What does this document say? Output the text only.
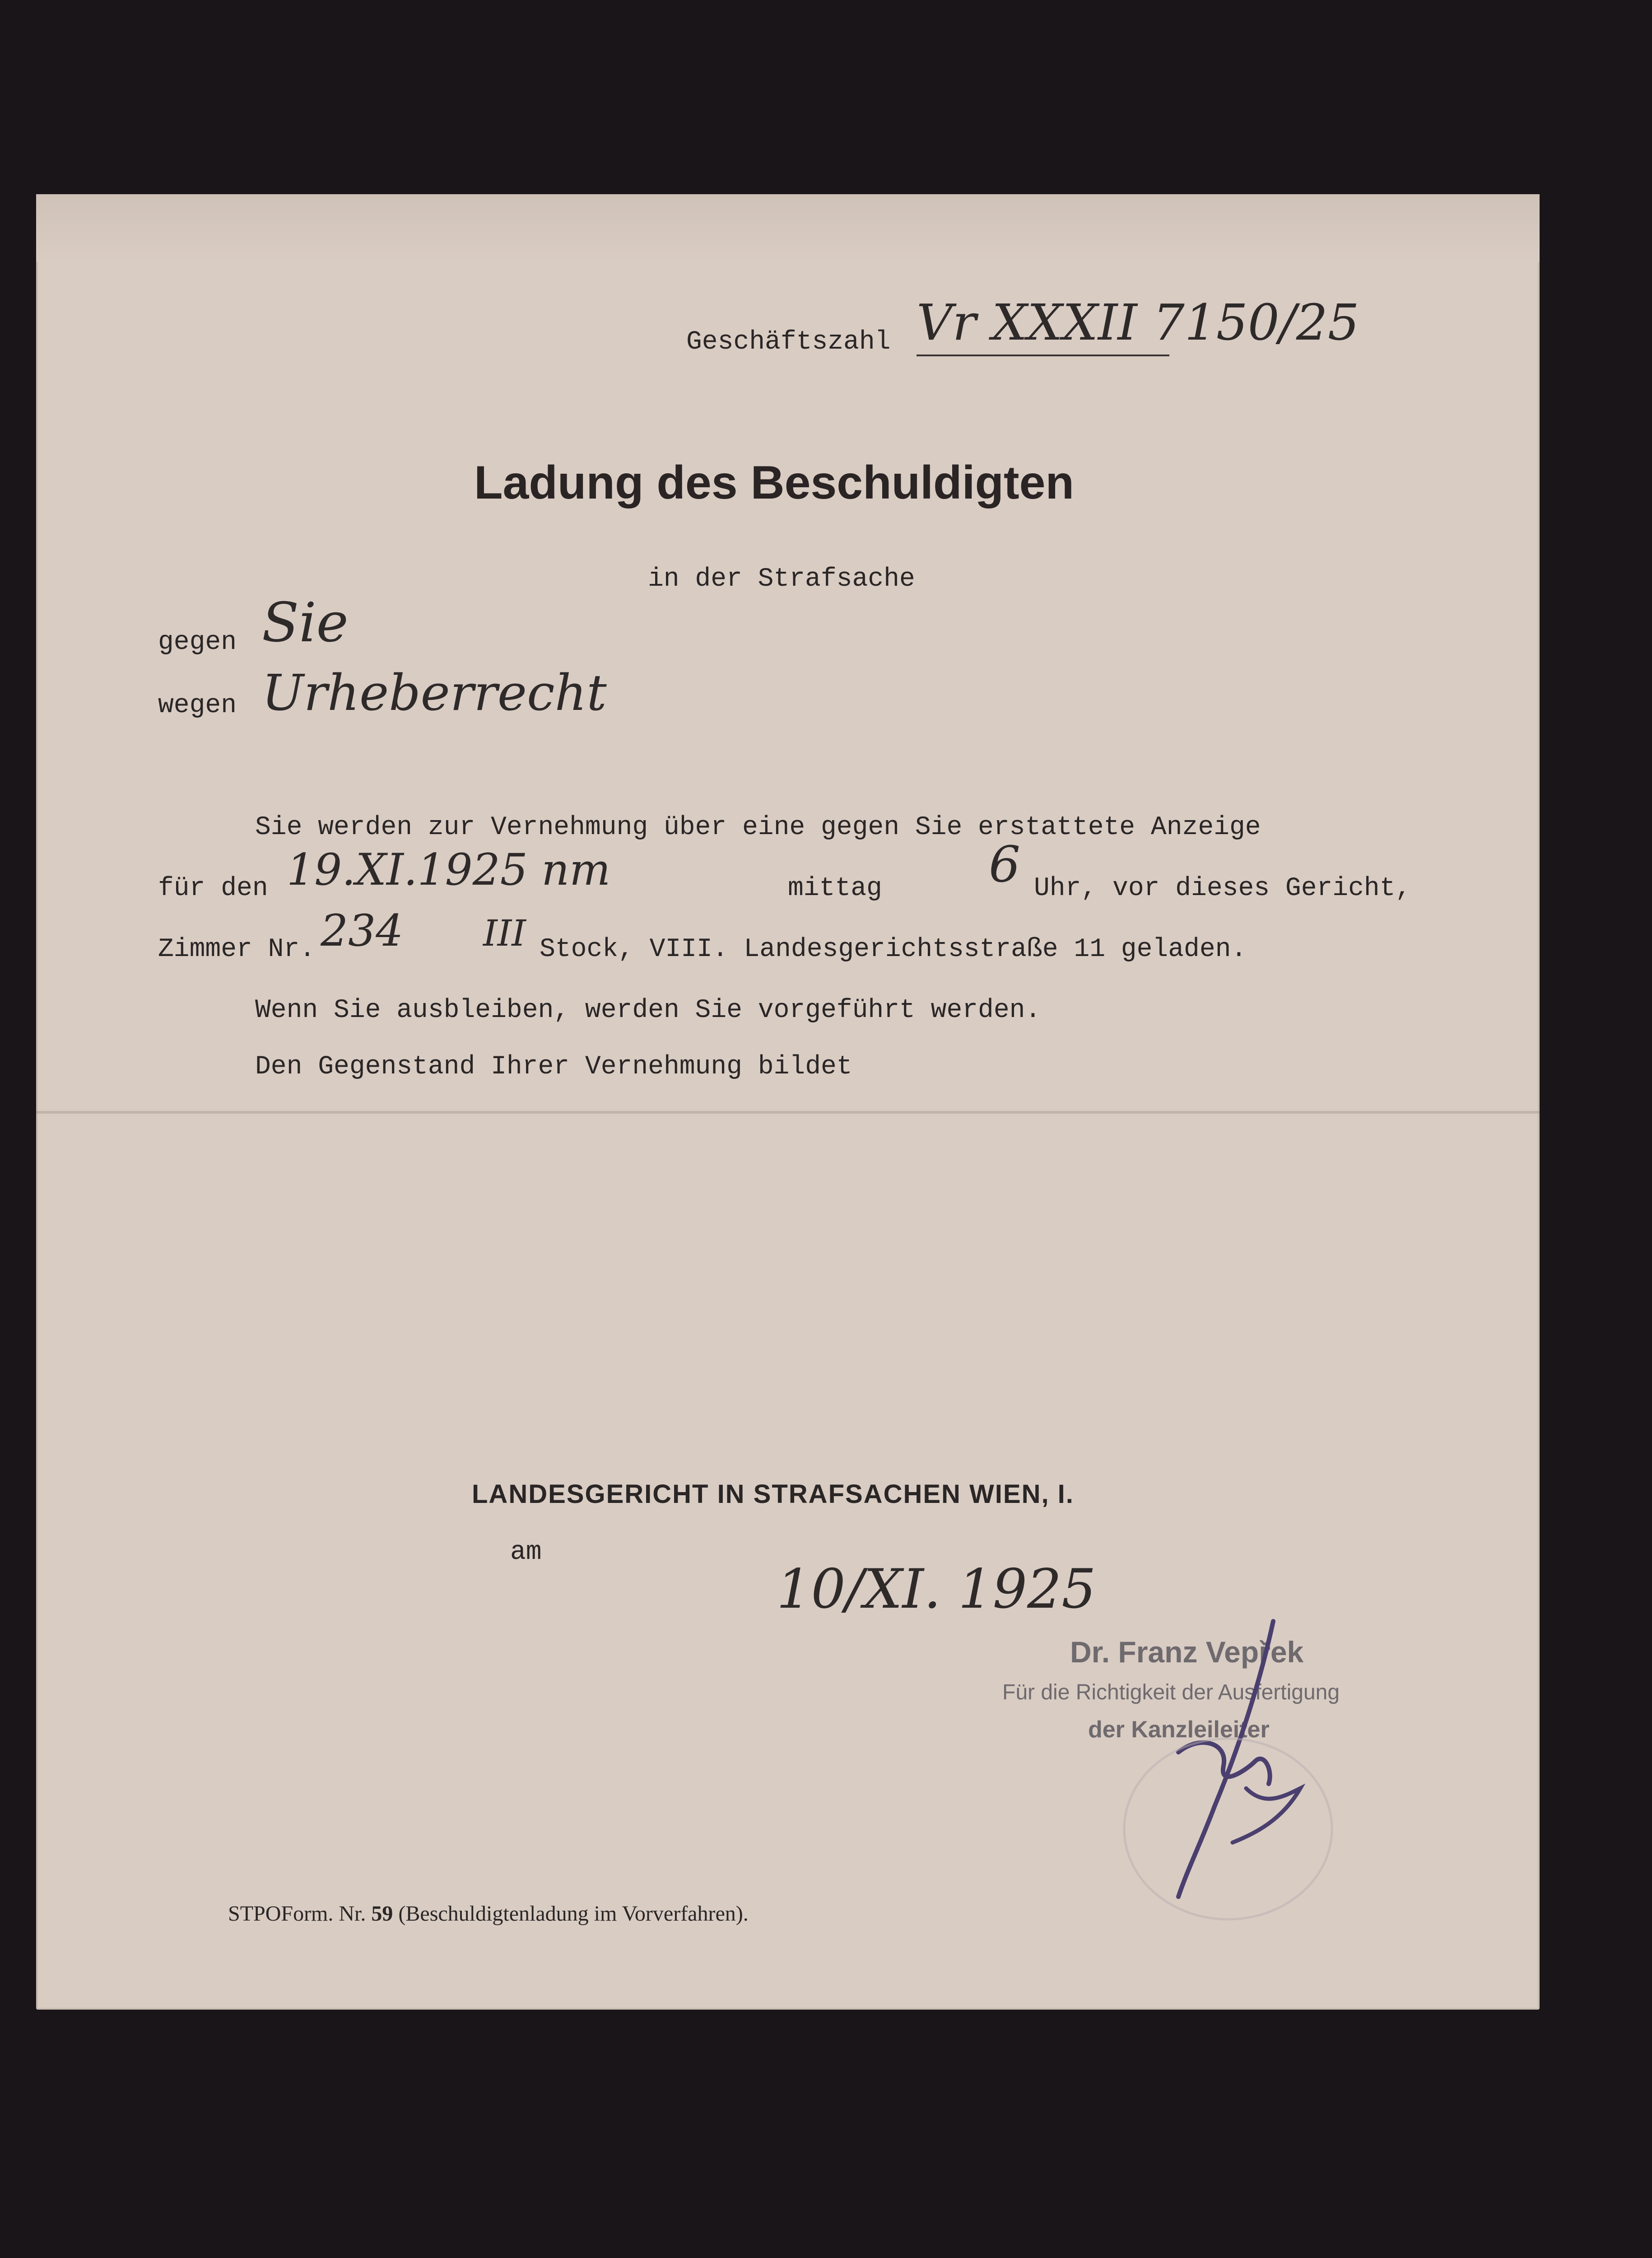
Geschäftszahl Vr XXXII 7150/25
Ladung des Beschuldigten
in der Strafsache
gegen Sie
wegen Urheberrecht
Sie werden zur Vernehmung über eine gegen Sie erstattete Anzeige
für den 19.XI.1925 nm	mittag 6 Uhr, vor dieses Gericht,
Zimmer Nr. 234 III Stock, VIII. Landesgerichtsstraße 11 geladen.
Wenn Sie ausbleiben, werden Sie vorgeführt werden.
Den Gegenstand Ihrer Vernehmung bildet
LANDESGERICHT IN STRAFSACHEN WIEN, I.
am
10/XI. 1925
Dr. Franz Vepřek
Für die Richtigkeit der Ausfertigung
der Kanzleileiter
STPOForm. Nr. 59 (Beschuldigtenladung im Vorverfahren).
